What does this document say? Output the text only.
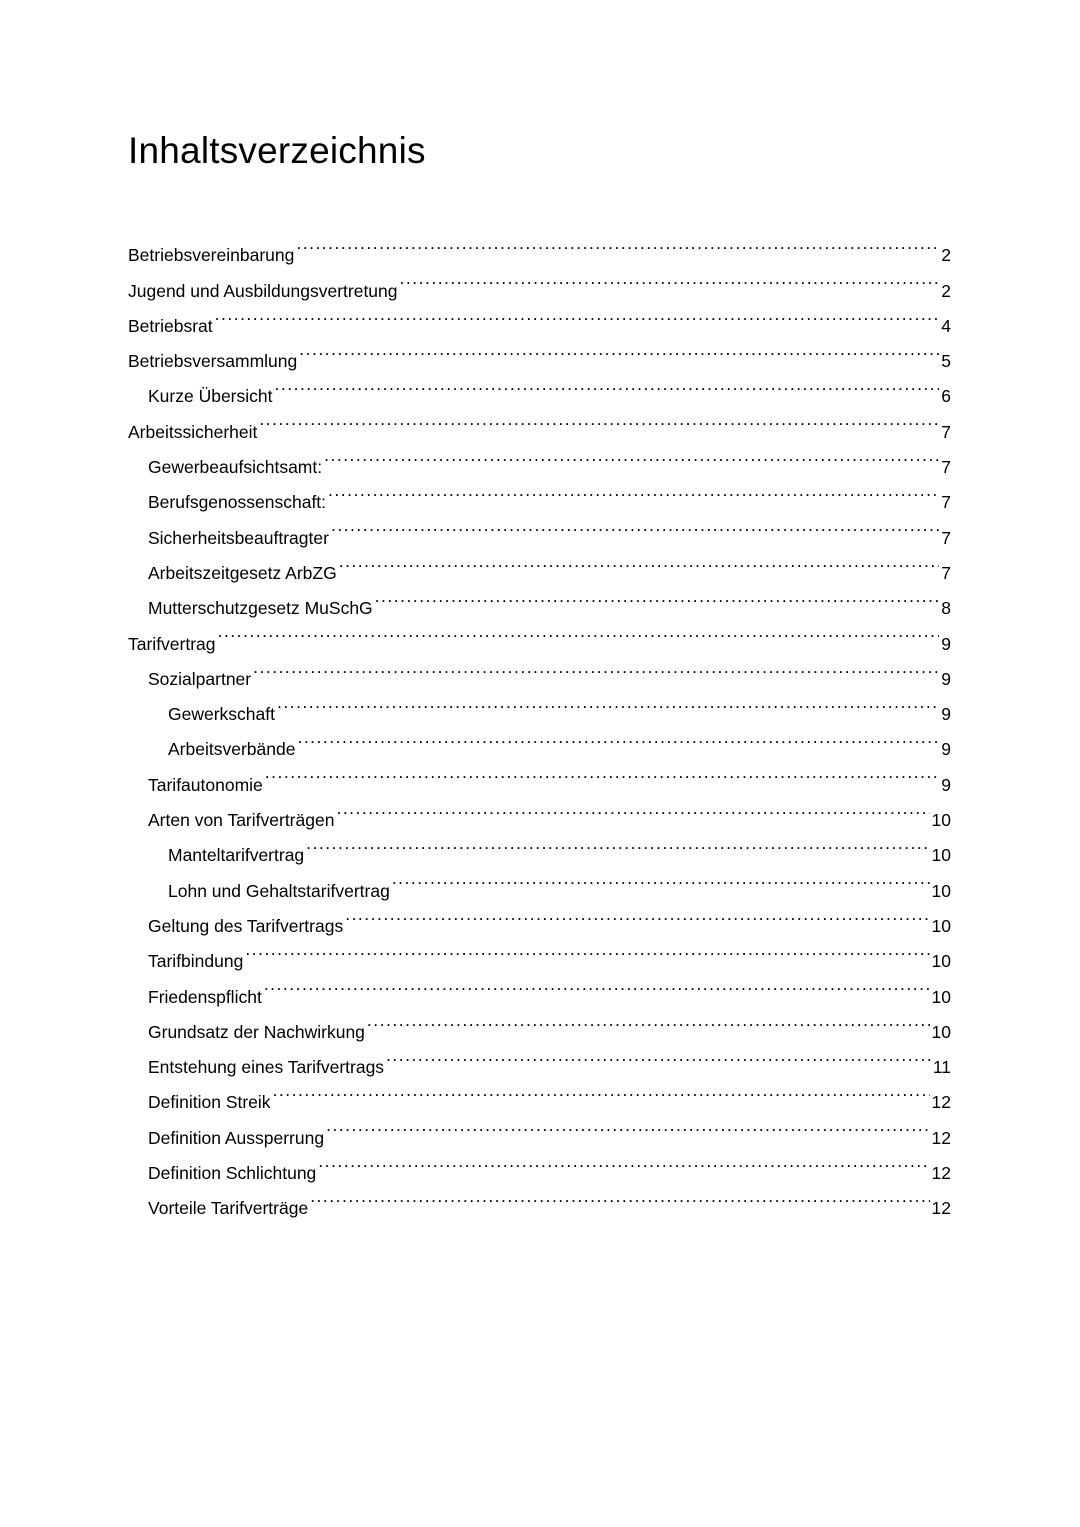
Inhaltsverzeichnis
Betriebsvereinbarung .....	2
Jugend und Ausbildungsvertretung .....	2
Betriebsrat .....	4
Betriebsversammlung .....	5
Kurze Übersicht .....	6
Arbeitssicherheit .....	7
Gewerbeaufsichtsamt: .....	7
Berufsgenossenschaft: .....	7
Sicherheitsbeauftragter .....	7
Arbeitszeitgesetz ArbZG .....	7
Mutterschutzgesetz MuSchG .....	8
Tarifvertrag .....	9
Sozialpartner .....	9
Gewerkschaft .....	9
Arbeitsverbände .....	9
Tarifautonomie .....	9
Arten von Tarifverträgen .....	10
Manteltarifvertrag .....	10
Lohn und Gehaltstarifvertrag .....	10
Geltung des Tarifvertrags .....	10
Tarifbindung .....	10
Friedenspflicht .....	10
Grundsatz der Nachwirkung .....	10
Entstehung eines Tarifvertrags .....	11
Definition Streik .....	12
Definition Aussperrung .....	12
Definition Schlichtung .....	12
Vorteile Tarifverträge .....	12
